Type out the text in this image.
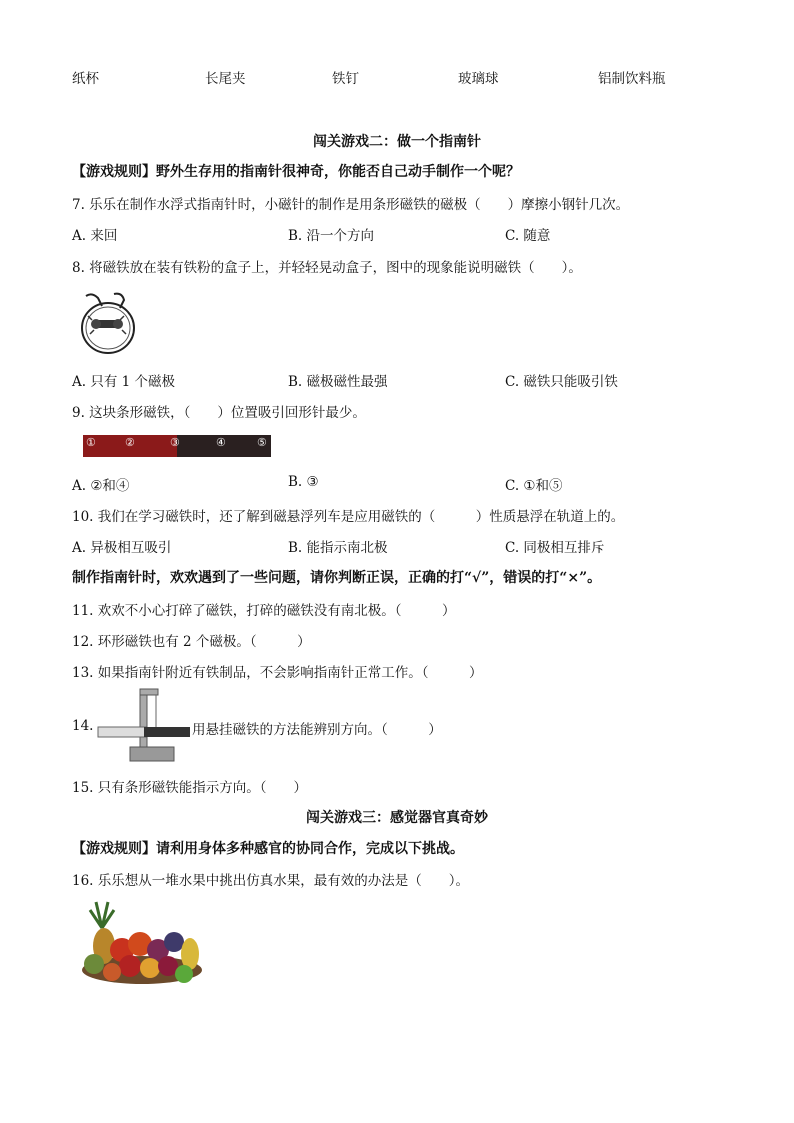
纸杯	长尾夹	铁钉	玻璃球	铝制饮料瓶
闯关游戏二：做一个指南针
【游戏规则】野外生存用的指南针很神奇，你能否自己动手制作一个呢？
7. 乐乐在制作水浮式指南针时，小磁针的制作是用条形磁铁的磁极（　　）摩擦小钢针几次。
A. 来回	B. 沿一个方向	C. 随意
8. 将磁铁放在装有铁粉的盒子上，并轻轻晃动盒子，图中的现象能说明磁铁（　　）。
A. 只有 1 个磁极	B. 磁极磁性最强	C. 磁铁只能吸引铁
9. 这块条形磁铁，（　　）位置吸引回形针最少。
①	②	③	④	⑤
A. ②和④	B. ③	C. ①和⑤
10. 我们在学习磁铁时，还了解到磁悬浮列车是应用磁铁的（　　　）性质悬浮在轨道上的。
A. 异极相互吸引	B. 能指示南北极	C. 同极相互排斥
制作指南针时，欢欢遇到了一些问题，请你判断正误，正确的打“√”，错误的打“×”。
11. 欢欢不小心打碎了磁铁，打碎的磁铁没有南北极。（　　　）
12. 环形磁铁也有 2 个磁极。（　　　）
13. 如果指南针附近有铁制品，不会影响指南针正常工作。（　　　）
14.	用悬挂磁铁的方法能辨别方向。（　　　）
15. 只有条形磁铁能指示方向。（　　）
闯关游戏三：感觉器官真奇妙
【游戏规则】请利用身体多种感官的协同合作，完成以下挑战。
16. 乐乐想从一堆水果中挑出仿真水果，最有效的办法是（　　）。
